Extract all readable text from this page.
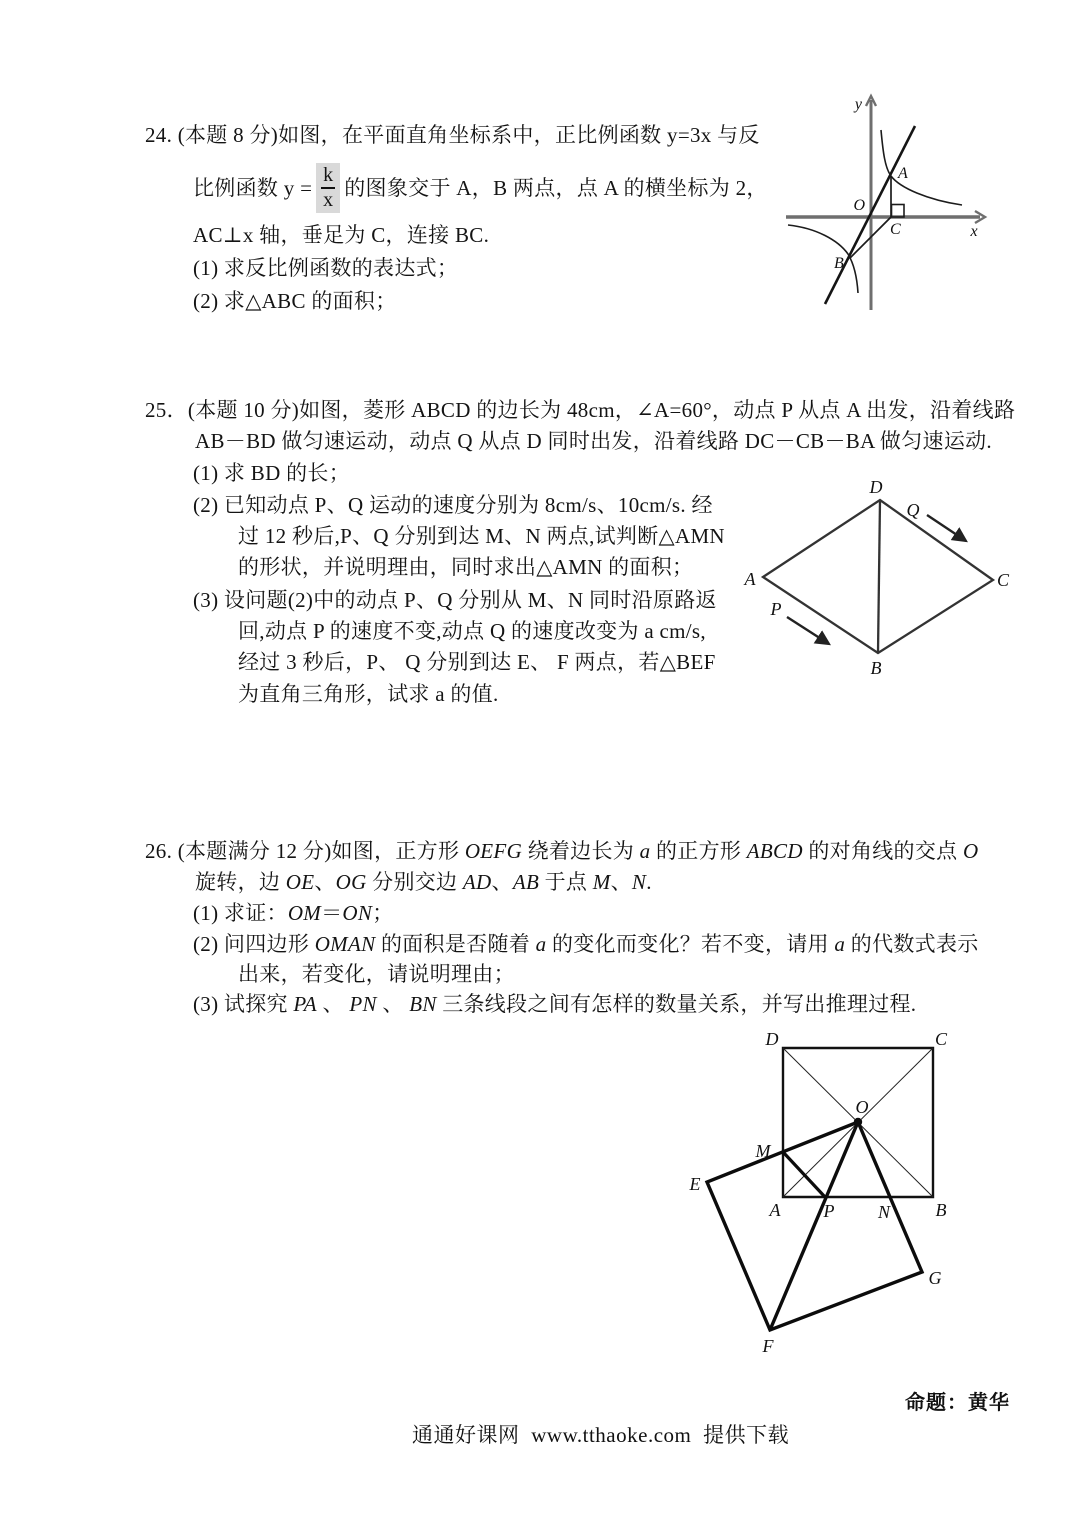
24. (本题 8 分)如图，在平面直角坐标系中，正比例函数 y=3x 与反
比例函数 $y = \frac{k}{x}$ 的图象交于 A，B 两点，点 A 的横坐标为 2，
AC⊥x 轴，垂足为 C，连接 BC.
(1) 求反比例函数的表达式；
(2) 求△ABC 的面积；
y
x
O
A
B
C
25．(本题 10 分)如图，菱形 ABCD 的边长为 48cm，∠A=60°，动点 P 从点 A 出发，沿着线路
AB－BD 做匀速运动，动点 Q 从点 D 同时出发，沿着线路 DC－CB－BA 做匀速运动.
(1) 求 BD 的长；
(2) 已知动点 P、Q 运动的速度分别为 8cm/s、10cm/s. 经
过 12 秒后,P、Q 分别到达 M、N 两点,试判断△AMN
的形状，并说明理由，同时求出△AMN 的面积；
(3) 设问题(2)中的动点 P、Q 分别从 M、N 同时沿原路返
回,动点 P 的速度不变,动点 Q 的速度改变为 a cm/s,
经过 3 秒后，P、 Q 分别到达 E、 F 两点，若△BEF
为直角三角形，试求 a 的值.
D
A	C
B
Q
P
26. (本题满分 12 分)如图，正方形 OEFG 绕着边长为 a 的正方形 ABCD 的对角线的交点 O
旋转，边 OE、OG 分别交边 AD、AB 于点 M、N.
(1) 求证：OM＝ON；
(2) 问四边形 OMAN 的面积是否随着 a 的变化而变化？若不变，请用 a 的代数式表示
出来，若变化，请说明理由；
(3) 试探究 PA 、 PN 、 BN 三条线段之间有怎样的数量关系，并写出推理过程.
D	C
O
M
E
A P N	B
G
F
命题：黄华
通通好课网 www.tthaoke.com 提供下载
